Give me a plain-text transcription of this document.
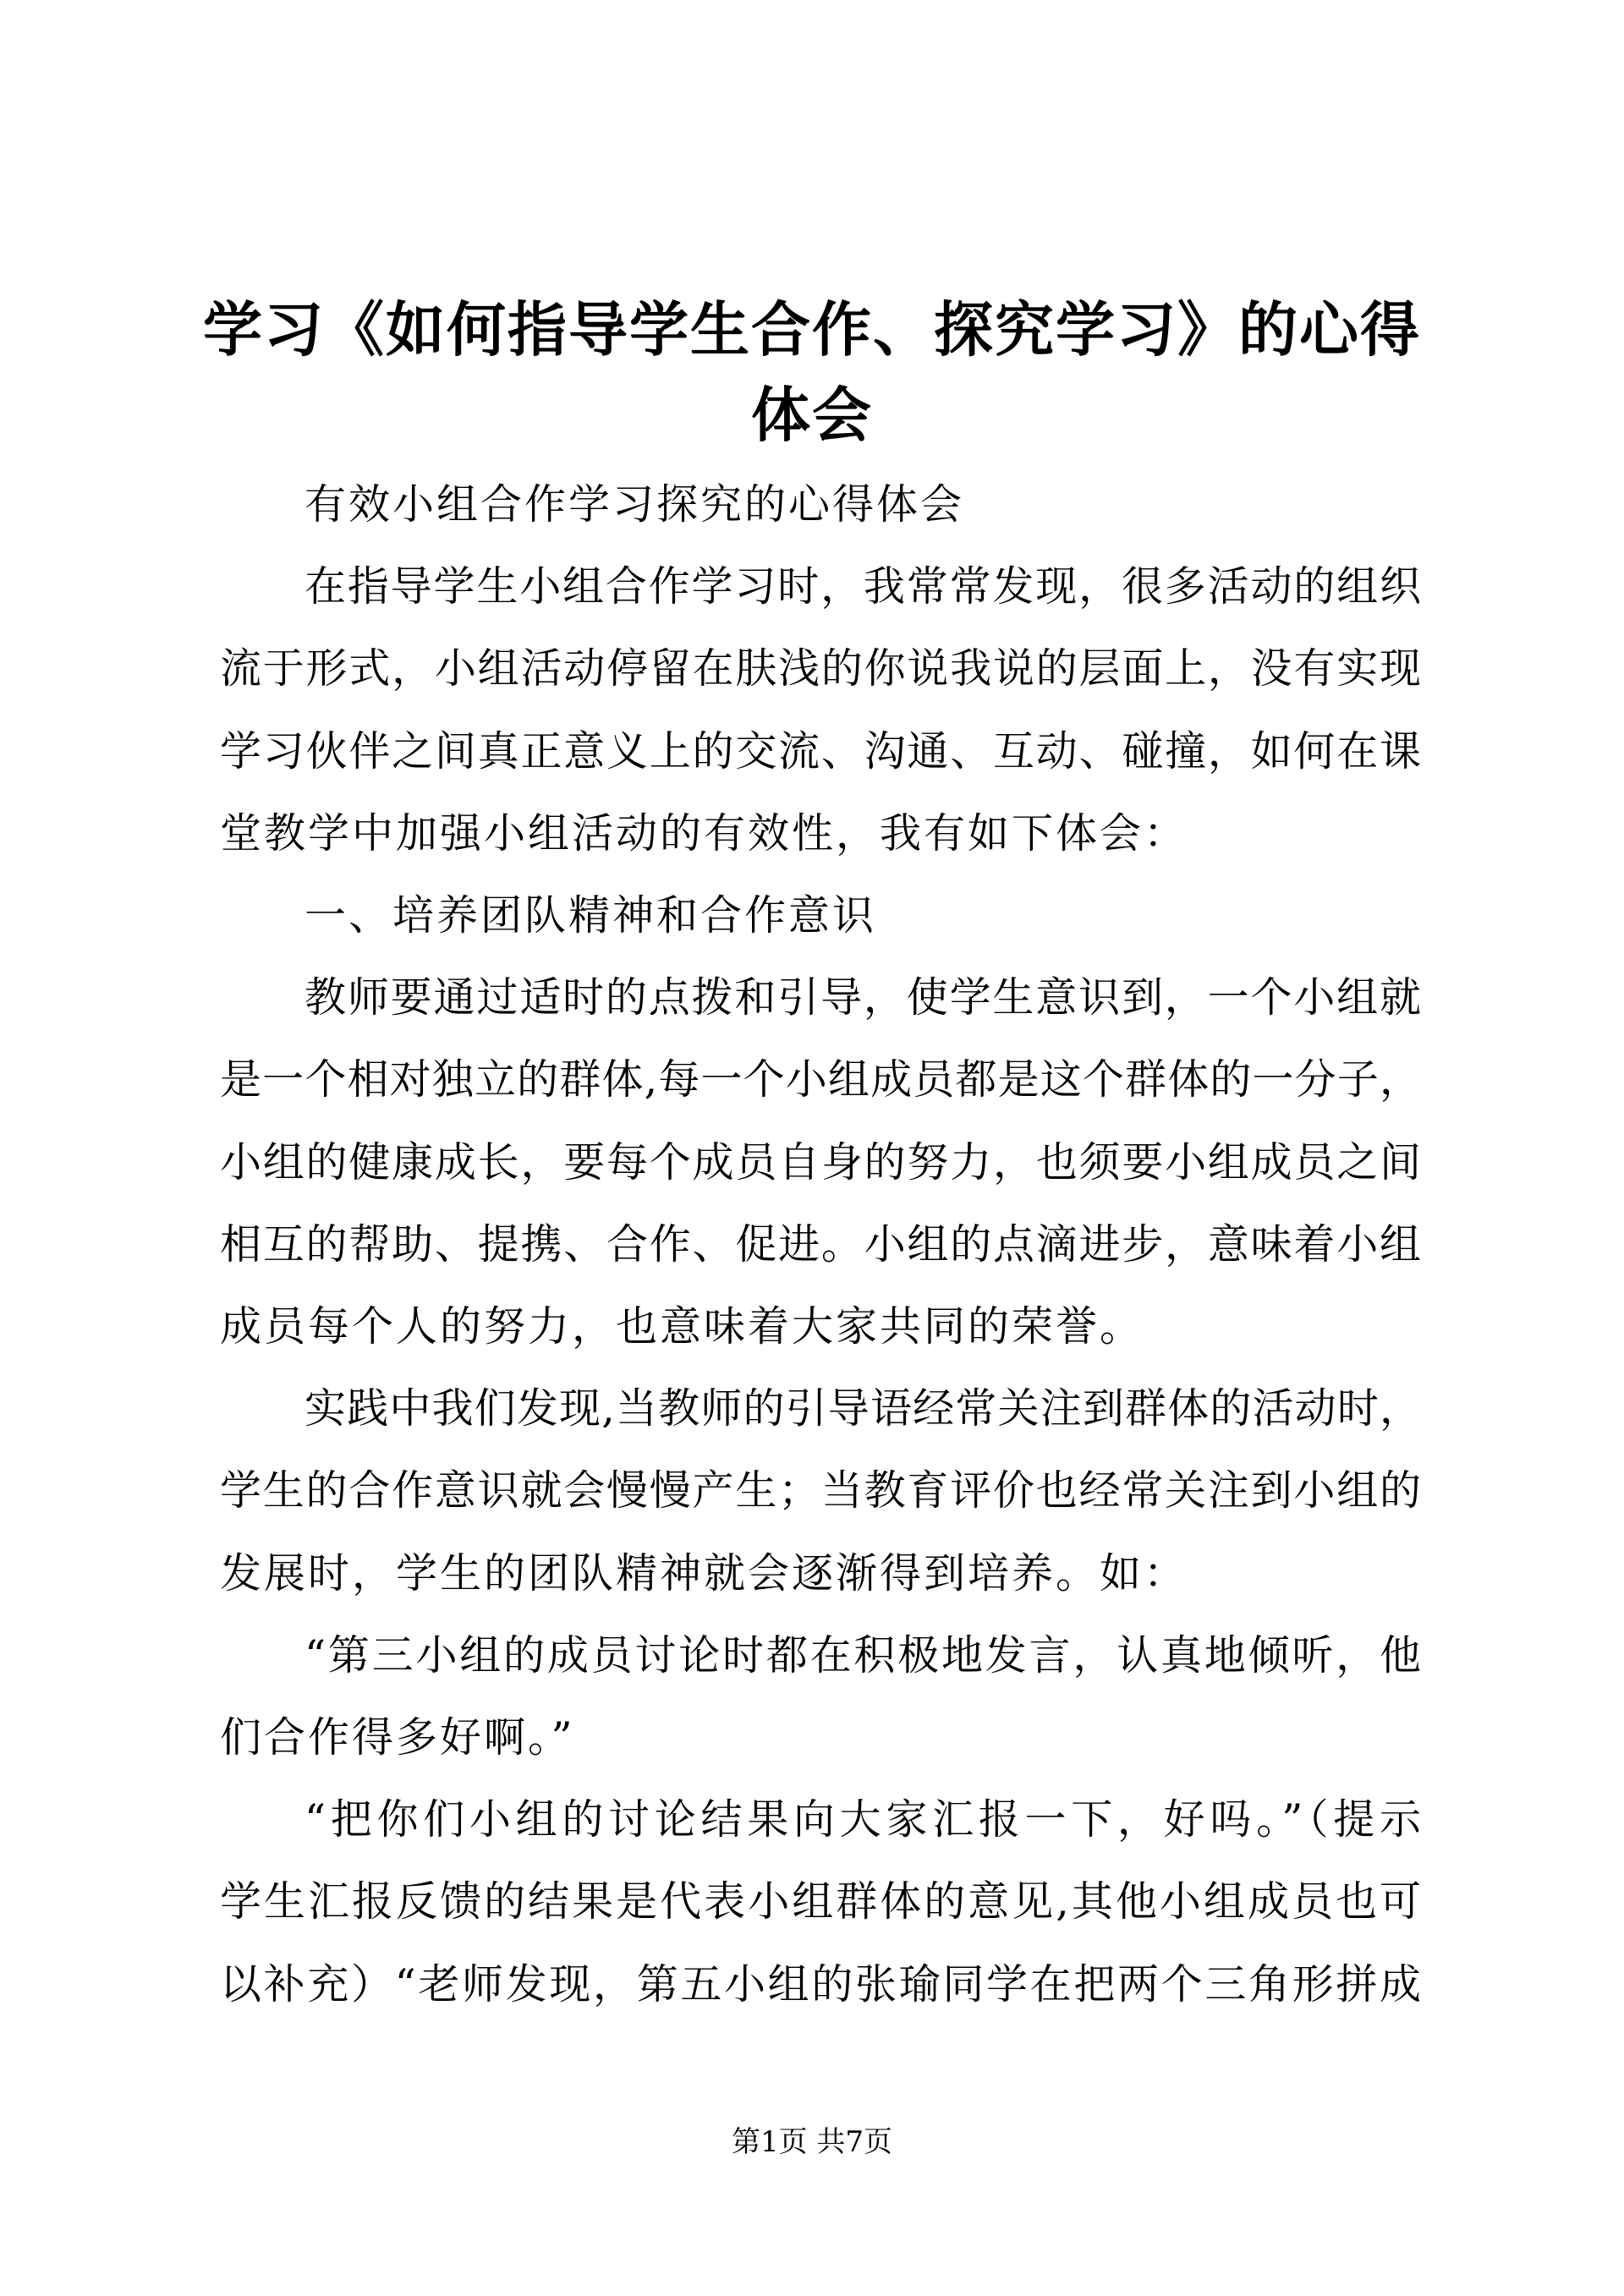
学习《如何指导学生合作、探究学习》的心得
体会
有效小组合作学习探究的心得体会
在指导学生小组合作学习时，我常常发现，很多活动的组织
流于形式，小组活动停留在肤浅的你说我说的层面上，没有实现
学习伙伴之间真正意义上的交流、沟通、互动、碰撞，如何在课
堂教学中加强小组活动的有效性，我有如下体会：
一、培养团队精神和合作意识
教师要通过适时的点拨和引导，使学生意识到，一个小组就
是一个相对独立的群体,每一个小组成员都是这个群体的一分子，
小组的健康成长，要每个成员自身的努力，也须要小组成员之间
相互的帮助、提携、合作、促进。小组的点滴进步，意味着小组
成员每个人的努力，也意味着大家共同的荣誉。
实践中我们发现,当教师的引导语经常关注到群体的活动时，
学生的合作意识就会慢慢产生；当教育评价也经常关注到小组的
发展时，学生的团队精神就会逐渐得到培养。如：
“第三小组的成员讨论时都在积极地发言，认真地倾听，他
们合作得多好啊。”
“把你们小组的讨论结果向大家汇报一下，好吗。”（提示
学生汇报反馈的结果是代表小组群体的意见,其他小组成员也可
以补充）“老师发现，第五小组的张瑜同学在把两个三角形拼成
第1页 共7页
